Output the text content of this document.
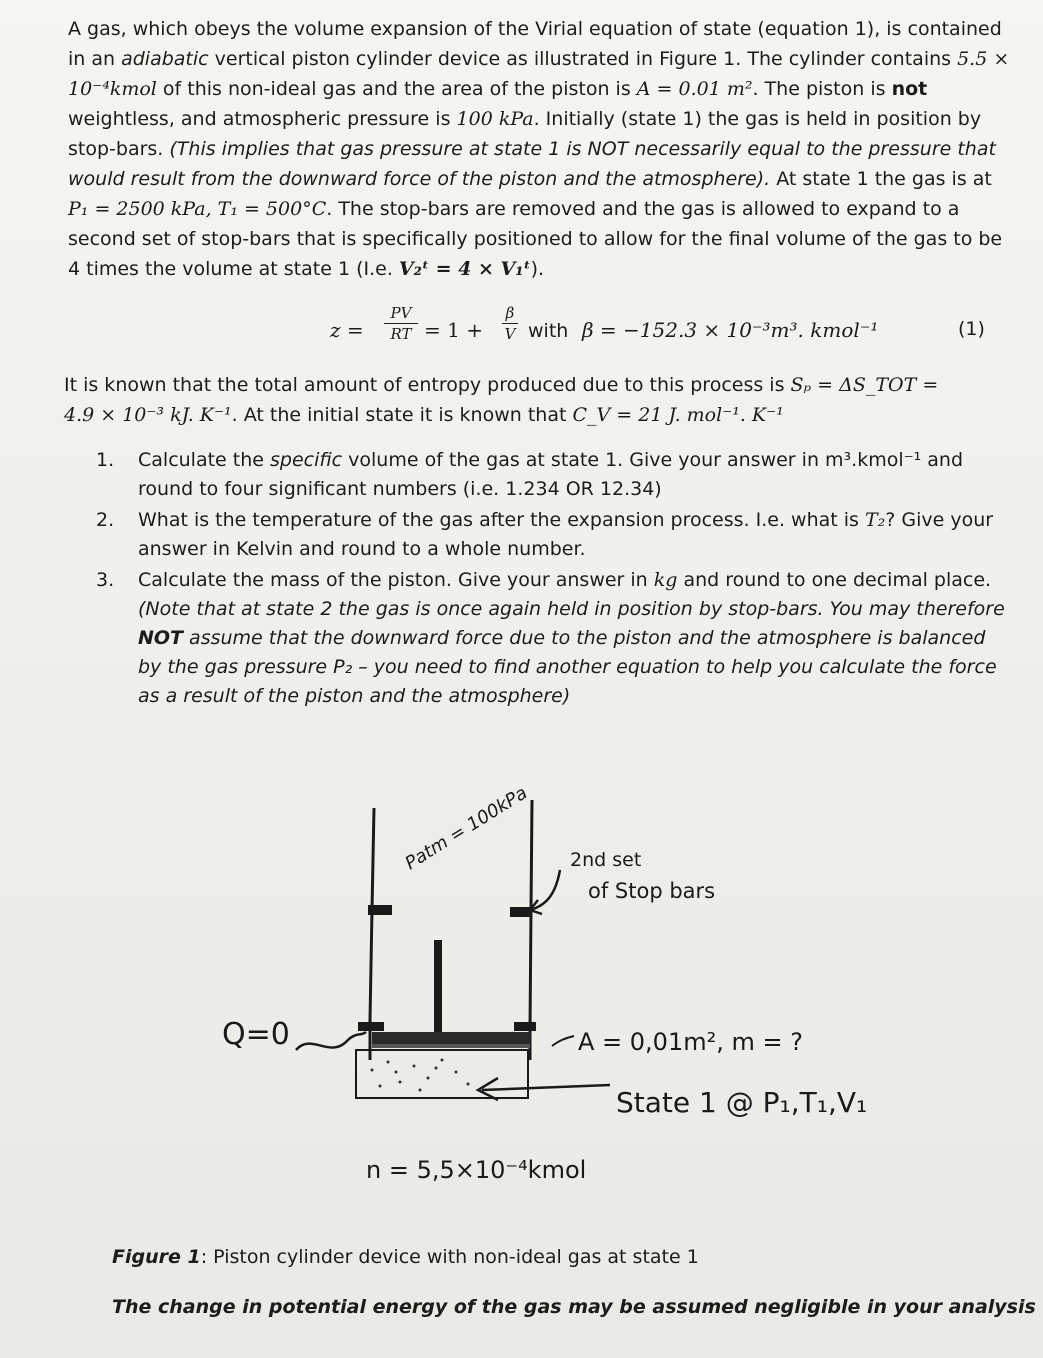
A gas, which obeys the volume expansion of the Virial equation of state (equation 1), is contained in an adiabatic vertical piston cylinder device as illustrated in Figure 1. The cylinder contains 5.5 × 10⁻⁴kmol of this non-ideal gas and the area of the piston is A = 0.01 m². The piston is not weightless, and atmospheric pressure is 100 kPa. Initially (state 1) the gas is held in position by stop-bars. (This implies that gas pressure at state 1 is NOT necessarily equal to the pressure that would result from the downward force of the piston and the atmosphere). At state 1 the gas is at P₁ = 2500 kPa, T₁ = 500°C. The stop-bars are removed and the gas is allowed to expand to a second set of stop-bars that is specifically positioned to allow for the final volume of the gas to be 4 times the volume at state 1 (I.e. V₂ᵗ = 4 × V₁ᵗ).

z =
PV
RT = 1 +
β
V with β = −152.3 × 10⁻³m³. kmol⁻¹	(1)

It is known that the total amount of entropy produced due to this process is Sₚ = ΔS_TOT =
4.9 × 10⁻³ kJ. K⁻¹. At the initial state it is known that C_V = 21 J. mol⁻¹. K⁻¹

1. Calculate the specific volume of the gas at state 1. Give your answer in m³.kmol⁻¹ and round to four significant numbers (i.e. 1.234 OR 12.34)
2. What is the temperature of the gas after the expansion process. I.e. what is T₂? Give your answer in Kelvin and round to a whole number.
3. Calculate the mass of the piston. Give your answer in kg and round to one decimal place. (Note that at state 2 the gas is once again held in position by stop-bars. You may therefore NOT assume that the downward force due to the piston and the atmosphere is balanced by the gas pressure P₂ – you need to find another equation to help you calculate the force as a result of the piston and the atmosphere)
Patm = 100kPa 2nd set
of Stop bars
Q=0	A = 0,01m², m = ?
State 1 @ P₁,T₁,V₁
n = 5,5×10⁻⁴kmol
Figure 1: Piston cylinder device with non-ideal gas at state 1
The change in potential energy of the gas may be assumed negligible in your analysis
